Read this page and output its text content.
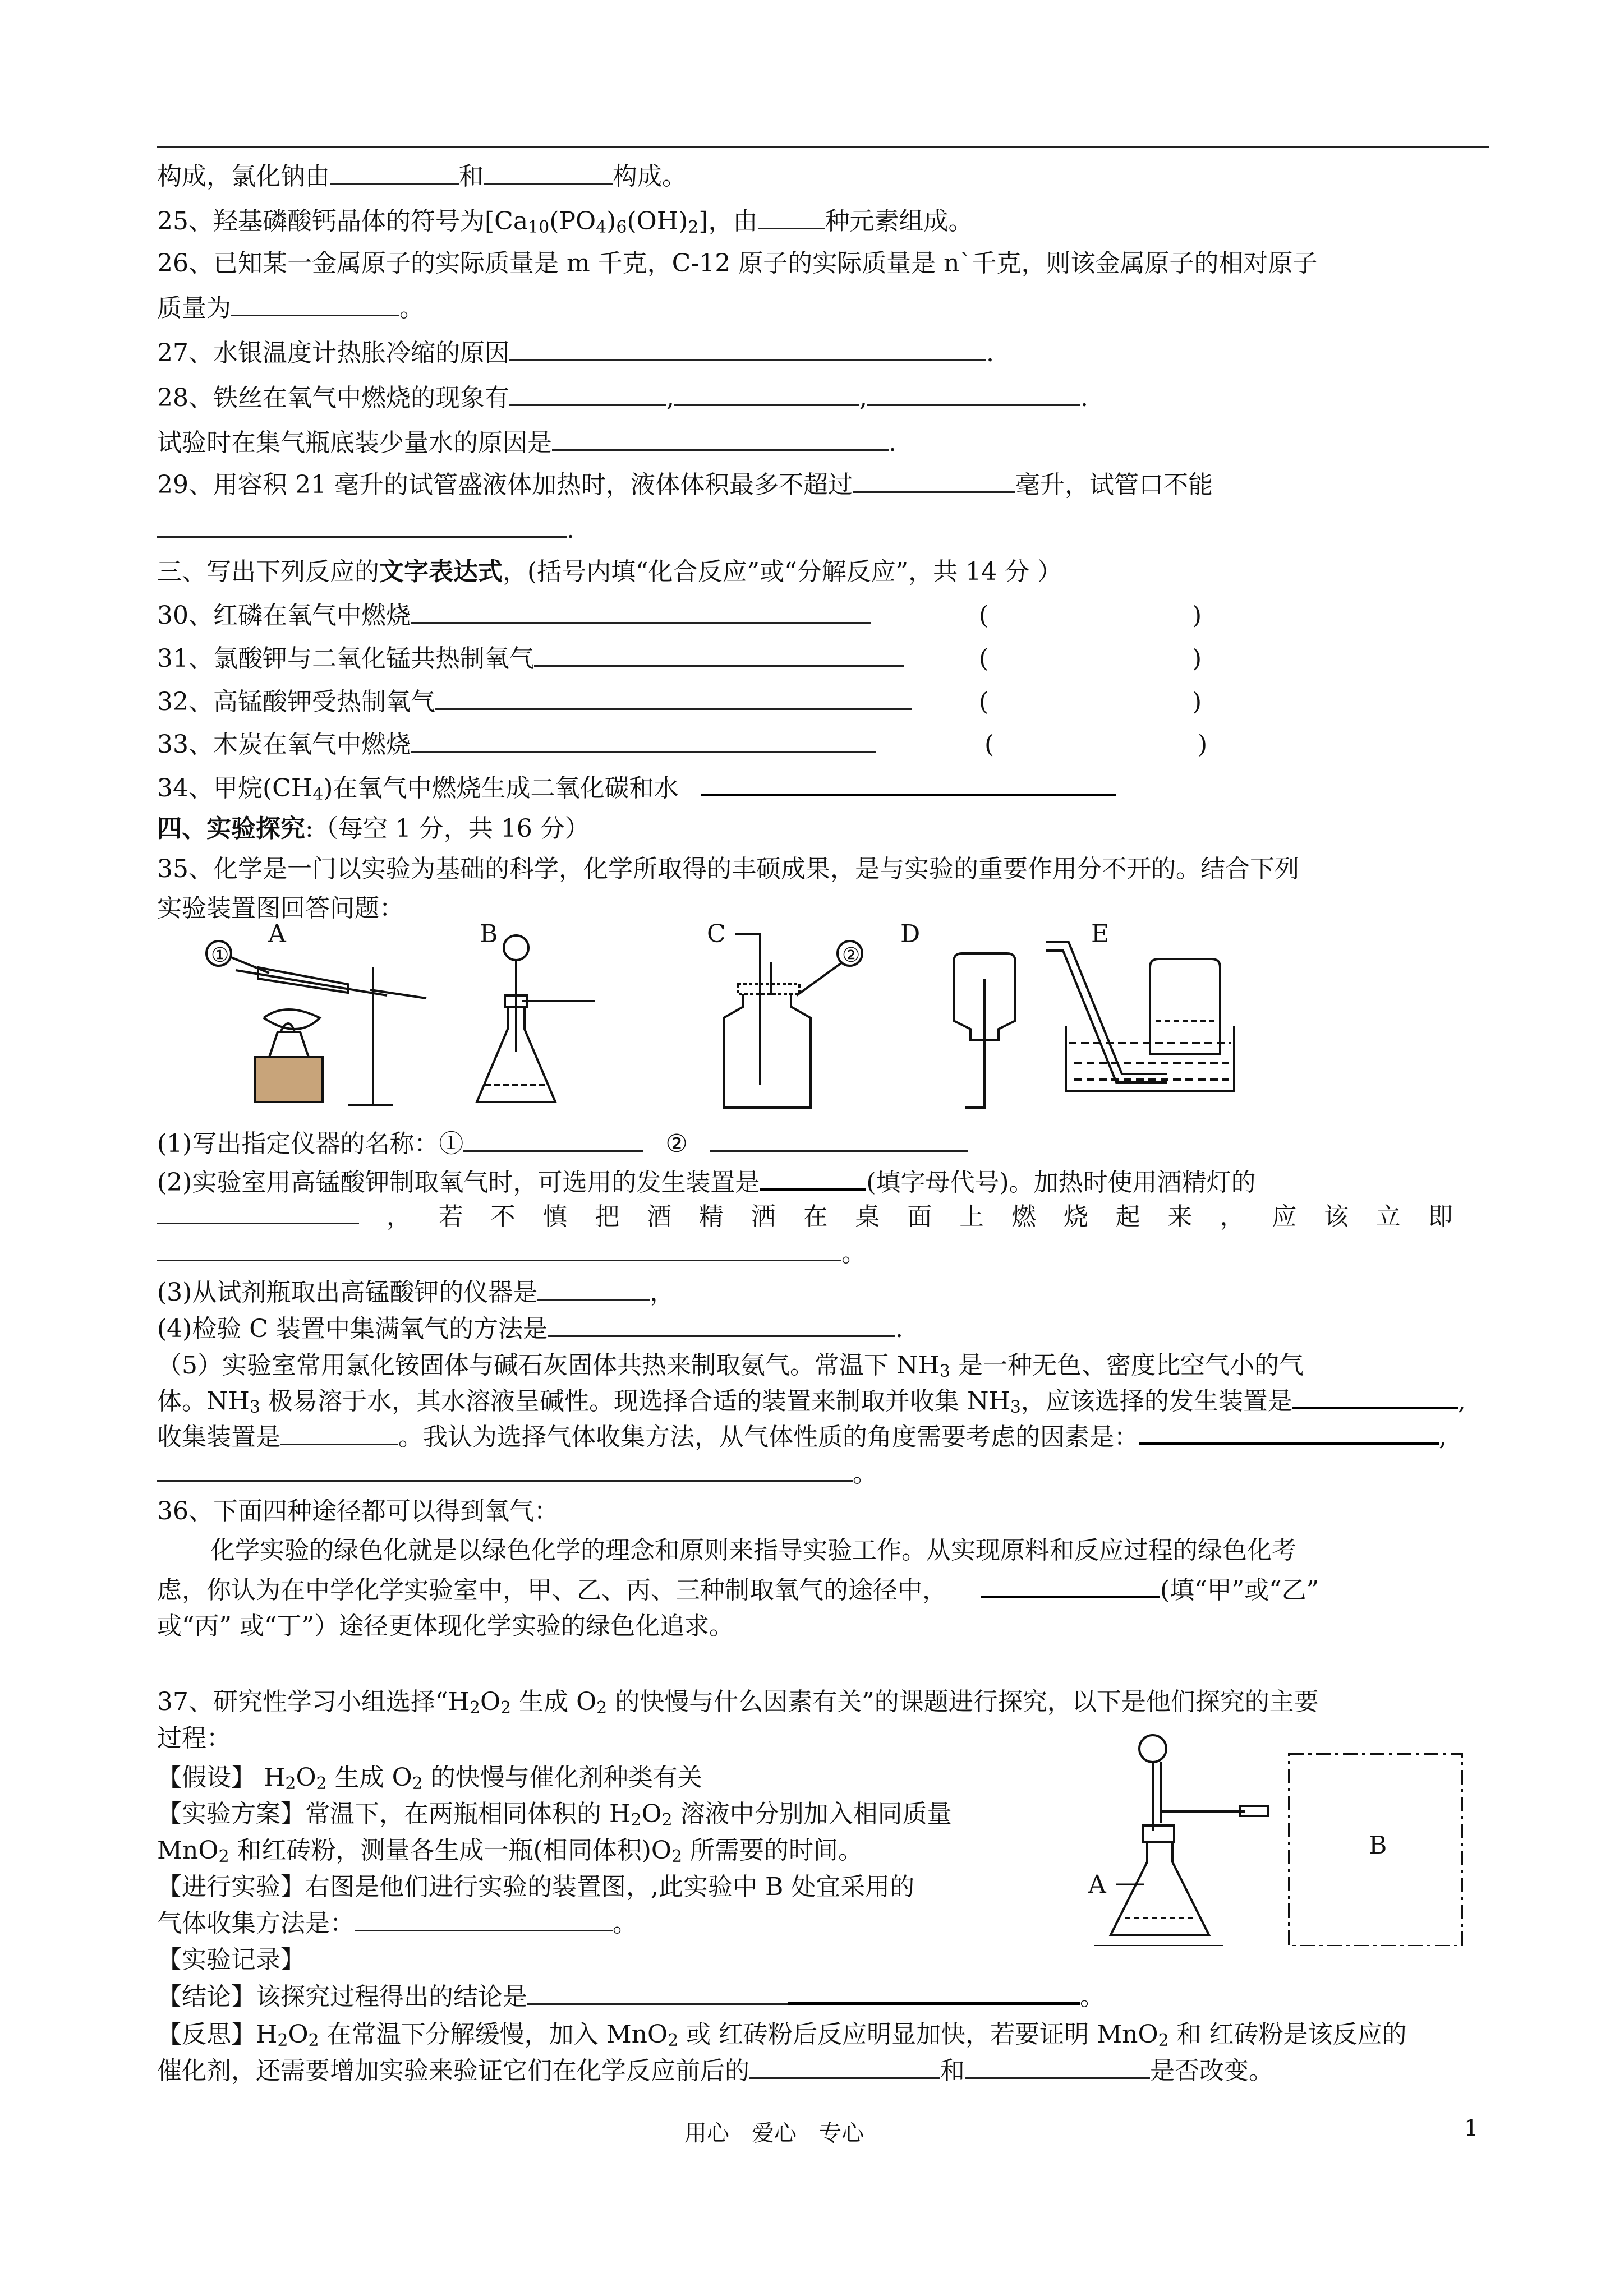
构成，氯化钠由	和	构成。
25、羟基磷酸钙晶体的符号为$[Ca_{10}(PO_4)_6(OH)_2]$，由	种元素组成。
26、已知某一金属原子的实际质量是 m 千克，C-12 原子的实际质量是 n`千克，则该金属原子的相对原子
质量为	。
27、水银温度计热胀冷缩的原因	.
28、铁丝在氧气中燃烧的现象有	,	,	.
试验时在集气瓶底装少量水的原因是	.
29、用容积 21 毫升的试管盛液体加热时，液体体积最多不超过	毫升，试管口不能
.
三、写出下列反应的文字表达式，(括号内填“化合反应”或“分解反应”，共 14 分 ）
30、红磷在氧气中燃烧	(	)
31、氯酸钾与二氧化锰共热制氧气	(	)
32、高锰酸钾受热制氧气	(	)
33、木炭在氧气中燃烧	(	)
34、甲烷$(CH_4)$在氧气中燃烧生成二氧化碳和水
四、实验探究:（每空 1 分，共 16 分）
35、化学是一门以实验为基础的科学，化学所取得的丰硕成果，是与实验的重要作用分不开的。结合下列
实验装置图回答问题：
A	B	C	D	E
①	②
(1)写出指定仪器的名称：①	②
(2)实验室用高锰酸钾制取氧气时，可选用的发生装置是	(填字母代号)。加热时使用酒精灯的
， 若 不 慎 把 酒 精 洒 在 桌 面 上 燃 烧 起 来 ， 应 该 立 即
。
(3)从试剂瓶取出高锰酸钾的仪器是	，
(4)检验 C 装置中集满氧气的方法是	.
（5）实验室常用氯化铵固体与碱石灰固体共热来制取氨气。常温下 $NH_3$ 是一种无色、密度比空气小的气
体。$NH_3$ 极易溶于水，其水溶液呈碱性。现选择合适的装置来制取并收集 $NH_3$，应该选择的发生装置是	,
收集装置是	。我认为选择气体收集方法，从气体性质的角度需要考虑的因素是：	,
。
36、下面四种途径都可以得到氧气：
化学实验的绿色化就是以绿色化学的理念和原则来指导实验工作。从实现原料和反应过程的绿色化考
虑，你认为在中学化学实验室中，甲、乙、丙、三种制取氧气的途径中，	(填“甲”或“乙”
或“丙” 或“丁”）途径更体现化学实验的绿色化追求。
37、研究性学习小组选择“$H_2O_2$ 生成 $O_2$ 的快慢与什么因素有关”的课题进行探究，以下是他们探究的主要
过程：
【假设】 $H_2O_2$ 生成 $O_2$ 的快慢与催化剂种类有关
【实验方案】常温下，在两瓶相同体积的 $H_2O_2$ 溶液中分别加入相同质量
MnO$_2$ 和红砖粉，测量各生成一瓶(相同体积)$O_2$ 所需要的时间。
【进行实验】右图是他们进行实验的装置图，,此实验中 B 处宜采用的
气体收集方法是：	。
【实验记录】
【结论】该探究过程得出的结论是	。
【反思】$H_2O_2$ 在常温下分解缓慢，加入 MnO$_2$ 或 红砖粉后反应明显加快，若要证明 MnO$_2$ 和 红砖粉是该反应的
催化剂，还需要增加实验来验证它们在化学反应前后的	和	是否改变。
A
B
用心　爱心　专心	1
